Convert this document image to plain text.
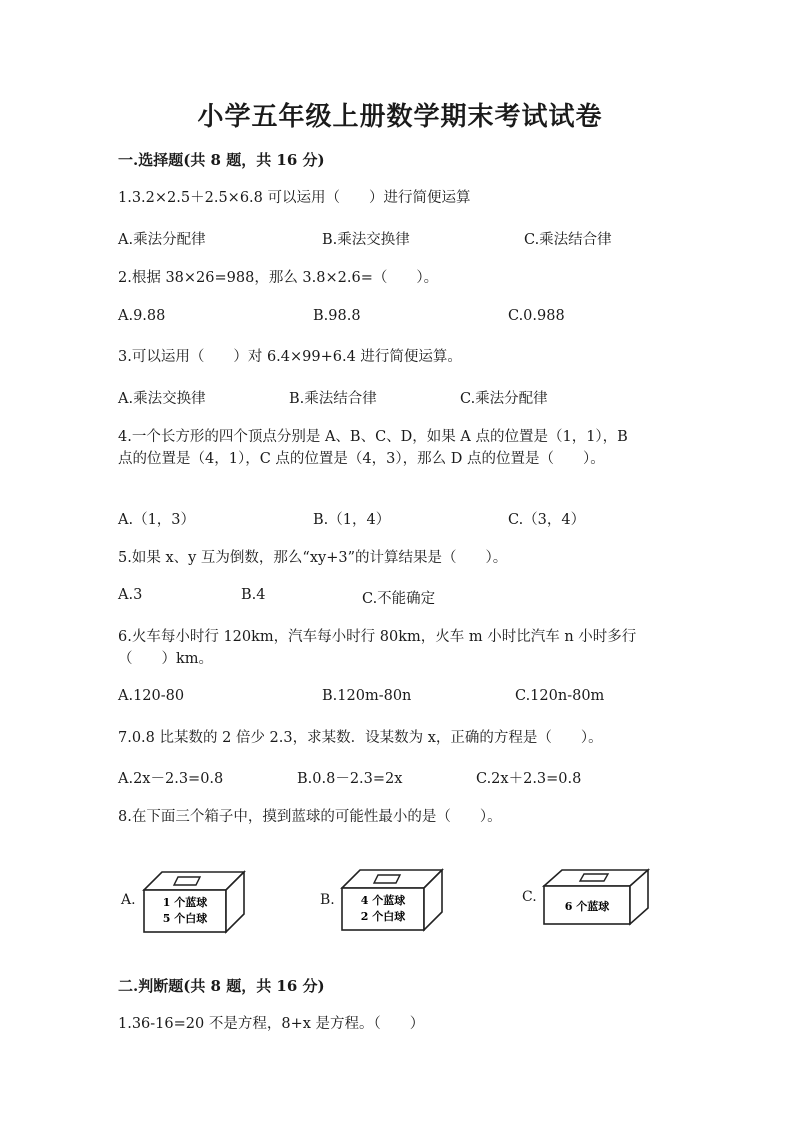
小学五年级上册数学期末考试试卷
一.选择题(共 8 题，共 16 分)
1.3.2×2.5＋2.5×6.8 可以运用（　　）进行简便运算
A.乘法分配律	B.乘法交换律	C.乘法结合律
2.根据 38×26=988，那么 3.8×2.6=（　　）。
A.9.88	B.98.8	C.0.988
3.可以运用（　　）对 6.4×99+6.4 进行简便运算。
A.乘法交换律	B.乘法结合律	C.乘法分配律
4.一个长方形的四个顶点分别是 A、B、C、D，如果 A 点的位置是（1，1），B
点的位置是（4，1），C 点的位置是（4，3），那么 D 点的位置是（　　）。
A.（1，3）	B.（1，4）	C.（3，4）
5.如果 x、y 互为倒数，那么“xy+3”的计算结果是（　　）。
A.3	B.4	C.不能确定
6.火车每小时行 120km，汽车每小时行 80km，火车 m 小时比汽车 n 小时多行
（　　）km。
A.120-80	B.120m-80n	C.120n-80m
7.0.8 比某数的 2 倍少 2.3，求某数．设某数为 x，正确的方程是（　　）。
A.2x－2.3=0.8	B.0.8－2.3=2x	C.2x＋2.3=0.8
8.在下面三个箱子中，摸到蓝球的可能性最小的是（　　）。
A. 1 个蓝球
5 个白球
B. 4 个蓝球
2 个白球
C.
6 个蓝球
二.判断题(共 8 题，共 16 分)
1.36-16=20 不是方程，8+x 是方程。（　　）
